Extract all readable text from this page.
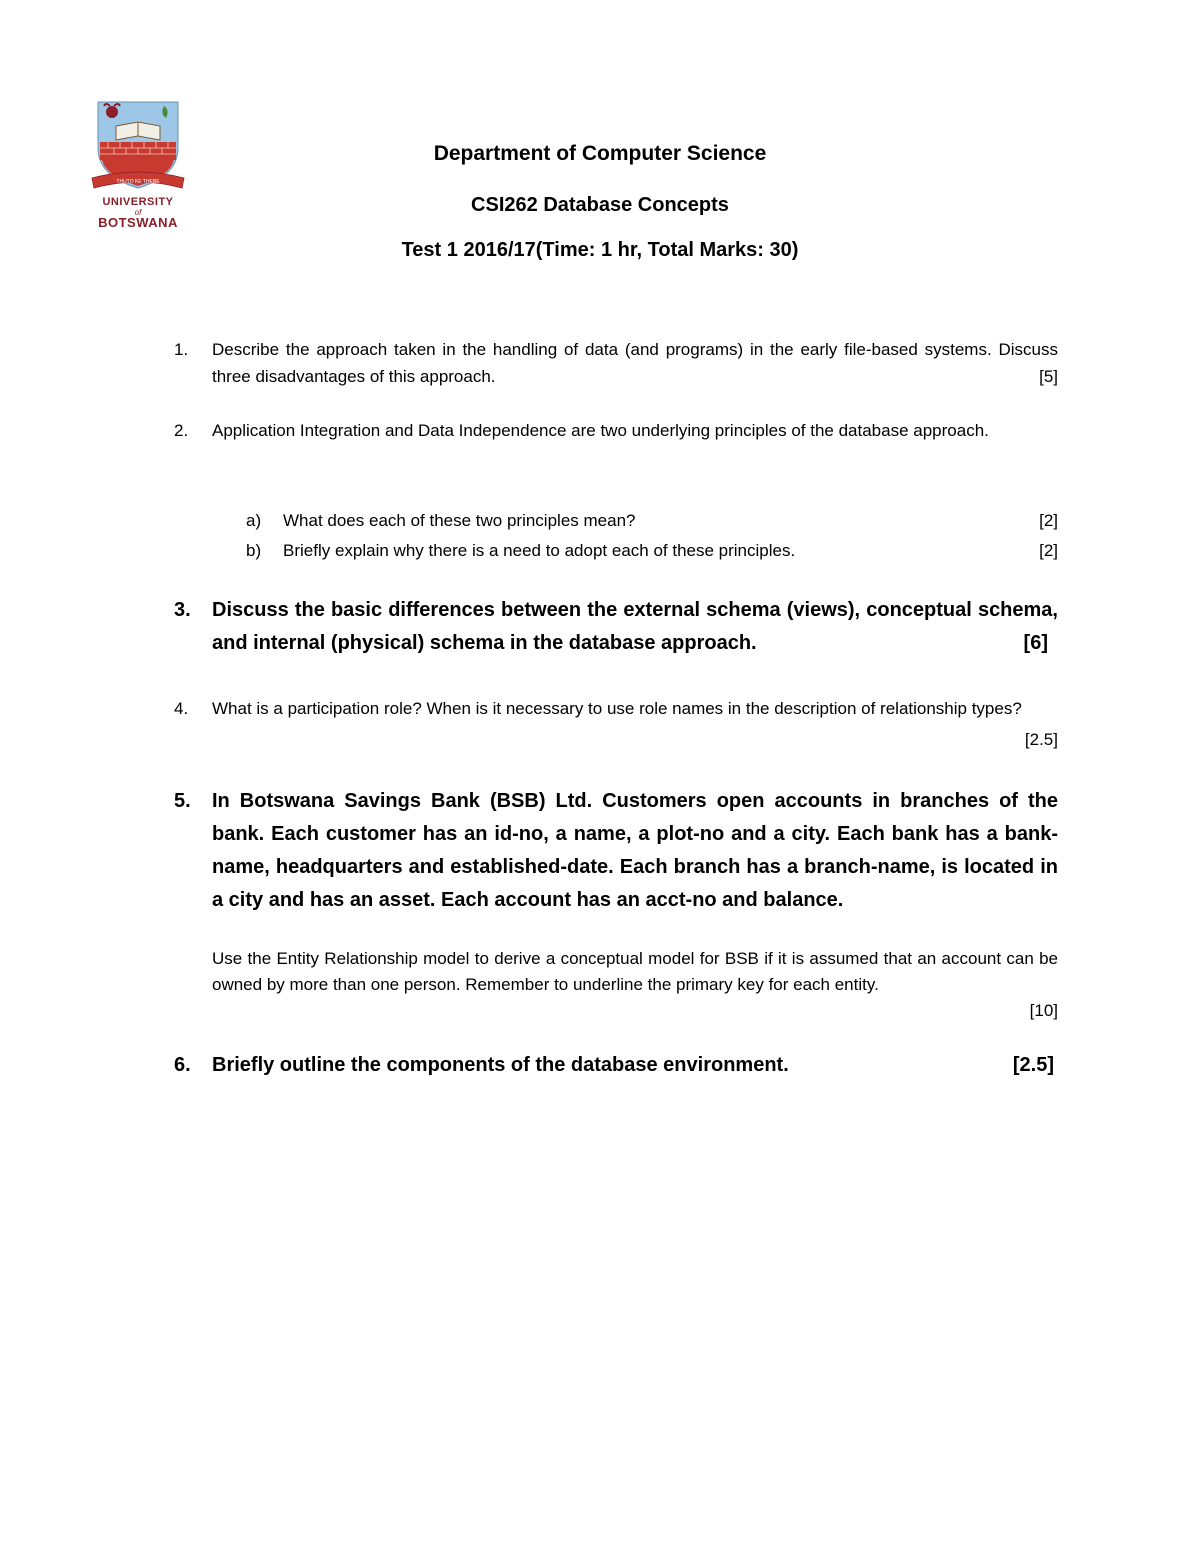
THUTO KE THEBE
UNIVERSITY
of
BOTSWANA
Department of Computer Science
CSI262 Database Concepts
Test 1 2016/17(Time: 1 hr, Total Marks: 30)
1. Describe the approach taken in the handling of data (and programs) in the early file-based systems. Discuss three disadvantages of this approach.	[5]
2. Application Integration and Data Independence are two underlying principles of the database approach.
a) What does each of these two principles mean?	[2]
b) Briefly explain why there is a need to adopt each of these principles.	[2]
3. Discuss the basic differences between the external schema (views), conceptual schema, and internal (physical) schema in the database approach.	[6]
4. What is a participation role? When is it necessary to use role names in the description of relationship types?
[2.5]
5. In Botswana Savings Bank (BSB) Ltd. Customers open accounts in branches of the bank. Each customer has an id-no, a name, a plot-no and a city. Each bank has a bank-name, headquarters and established-date. Each branch has a branch-name, is located in a city and has an asset. Each account has an acct-no and balance.
Use the Entity Relationship model to derive a conceptual model for BSB if it is assumed that an account can be owned by more than one person. Remember to underline the primary key for each entity.
[10]
6. Briefly outline the components of the database environment.	[2.5]
